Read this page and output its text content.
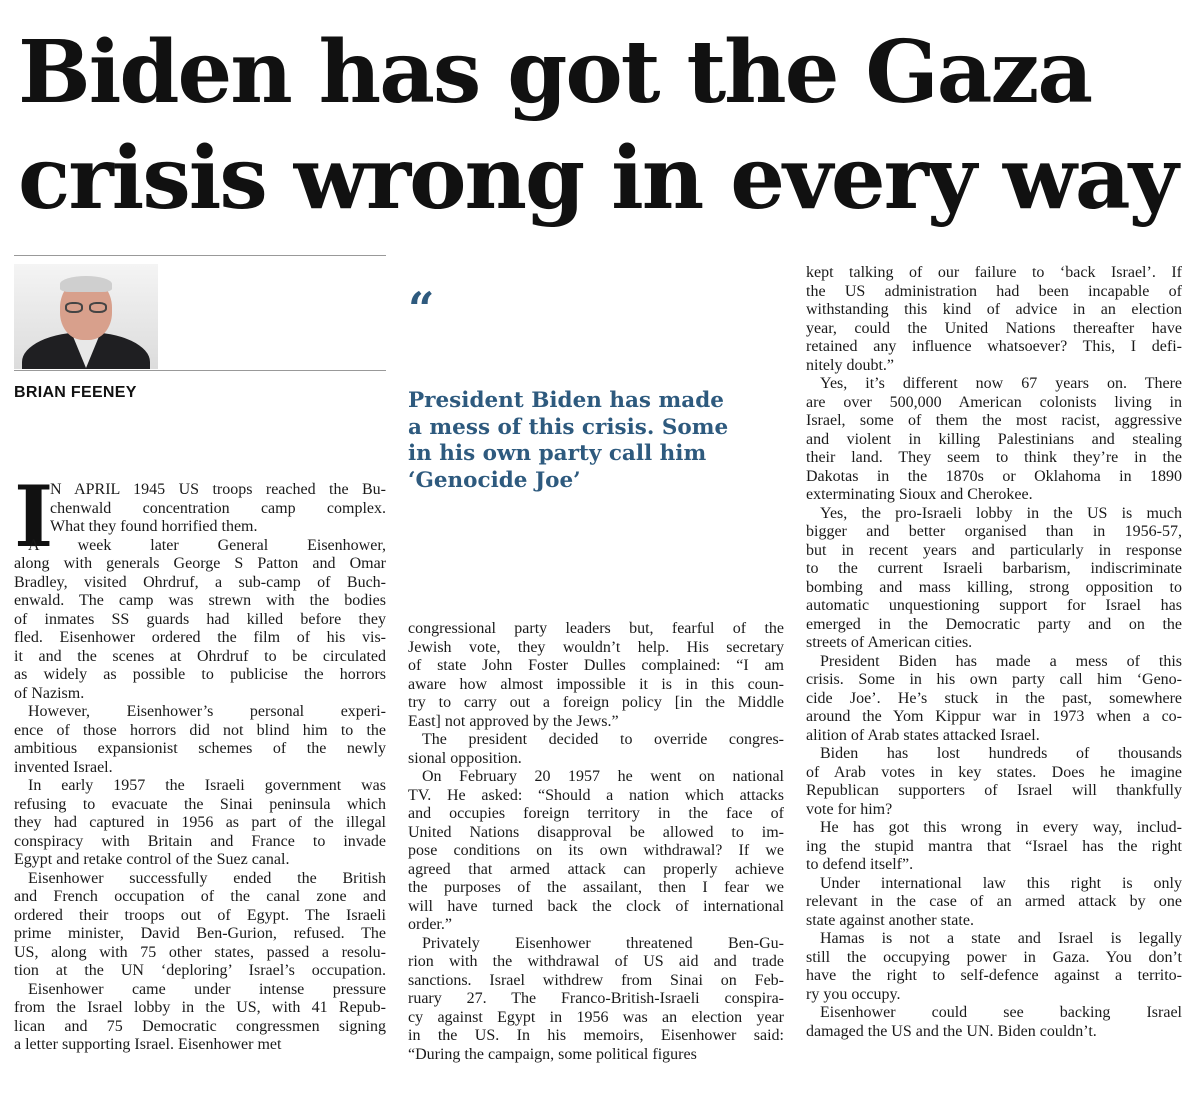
Biden has got the Gaza
crisis wrong in every way
BRIAN FEENEY
“
President Biden has made
a mess of this crisis. Some
in his own party call him
‘Genocide Joe’
I
N APRIL 1945 US troops reached the Bu-
chenwald concentration camp complex.
What they found horrified them.
A week later General Eisenhower,
along with generals George S Patton and Omar
Bradley, visited Ohrdruf, a sub-camp of Buch-
enwald. The camp was strewn with the bodies
of inmates SS guards had killed before they
fled. Eisenhower ordered the film of his vis-
it and the scenes at Ohrdruf to be circulated
as widely as possible to publicise the horrors
of Nazism.
However, Eisenhower’s personal experi-
ence of those horrors did not blind him to the
ambitious expansionist schemes of the newly
invented Israel.
In early 1957 the Israeli government was
refusing to evacuate the Sinai peninsula which
they had captured in 1956 as part of the illegal
conspiracy with Britain and France to invade
Egypt and retake control of the Suez canal.
Eisenhower successfully ended the British
and French occupation of the canal zone and
ordered their troops out of Egypt. The Israeli
prime minister, David Ben-Gurion, refused. The
US, along with 75 other states, passed a resolu-
tion at the UN ‘deploring’ Israel’s occupation.
Eisenhower came under intense pressure
from the Israel lobby in the US, with 41 Repub-
lican and 75 Democratic congressmen signing
a letter supporting Israel. Eisenhower met
congressional party leaders but, fearful of the
Jewish vote, they wouldn’t help. His secretary
of state John Foster Dulles complained: “I am
aware how almost impossible it is in this coun-
try to carry out a foreign policy [in the Middle
East] not approved by the Jews.”
The president decided to override congres-
sional opposition.
On February 20 1957 he went on national
TV. He asked: “Should a nation which attacks
and occupies foreign territory in the face of
United Nations disapproval be allowed to im-
pose conditions on its own withdrawal? If we
agreed that armed attack can properly achieve
the purposes of the assailant, then I fear we
will have turned back the clock of international
order.”
Privately Eisenhower threatened Ben-Gu-
rion with the withdrawal of US aid and trade
sanctions. Israel withdrew from Sinai on Feb-
ruary 27. The Franco-British-Israeli conspira-
cy against Egypt in 1956 was an election year
in the US. In his memoirs, Eisenhower said:
“During the campaign, some political figures
kept talking of our failure to ‘back Israel’. If
the US administration had been incapable of
withstanding this kind of advice in an election
year, could the United Nations thereafter have
retained any influence whatsoever? This, I defi-
nitely doubt.”
Yes, it’s different now 67 years on. There
are over 500,000 American colonists living in
Israel, some of them the most racist, aggressive
and violent in killing Palestinians and stealing
their land. They seem to think they’re in the
Dakotas in the 1870s or Oklahoma in 1890
exterminating Sioux and Cherokee.
Yes, the pro-Israeli lobby in the US is much
bigger and better organised than in 1956-57,
but in recent years and particularly in response
to the current Israeli barbarism, indiscriminate
bombing and mass killing, strong opposition to
automatic unquestioning support for Israel has
emerged in the Democratic party and on the
streets of American cities.
President Biden has made a mess of this
crisis. Some in his own party call him ‘Geno-
cide Joe’. He’s stuck in the past, somewhere
around the Yom Kippur war in 1973 when a co-
alition of Arab states attacked Israel.
Biden has lost hundreds of thousands
of Arab votes in key states. Does he imagine
Republican supporters of Israel will thankfully
vote for him?
He has got this wrong in every way, includ-
ing the stupid mantra that “Israel has the right
to defend itself”.
Under international law this right is only
relevant in the case of an armed attack by one
state against another state.
Hamas is not a state and Israel is legally
still the occupying power in Gaza. You don’t
have the right to self-defence against a territo-
ry you occupy.
Eisenhower could see backing Israel
damaged the US and the UN. Biden couldn’t.
